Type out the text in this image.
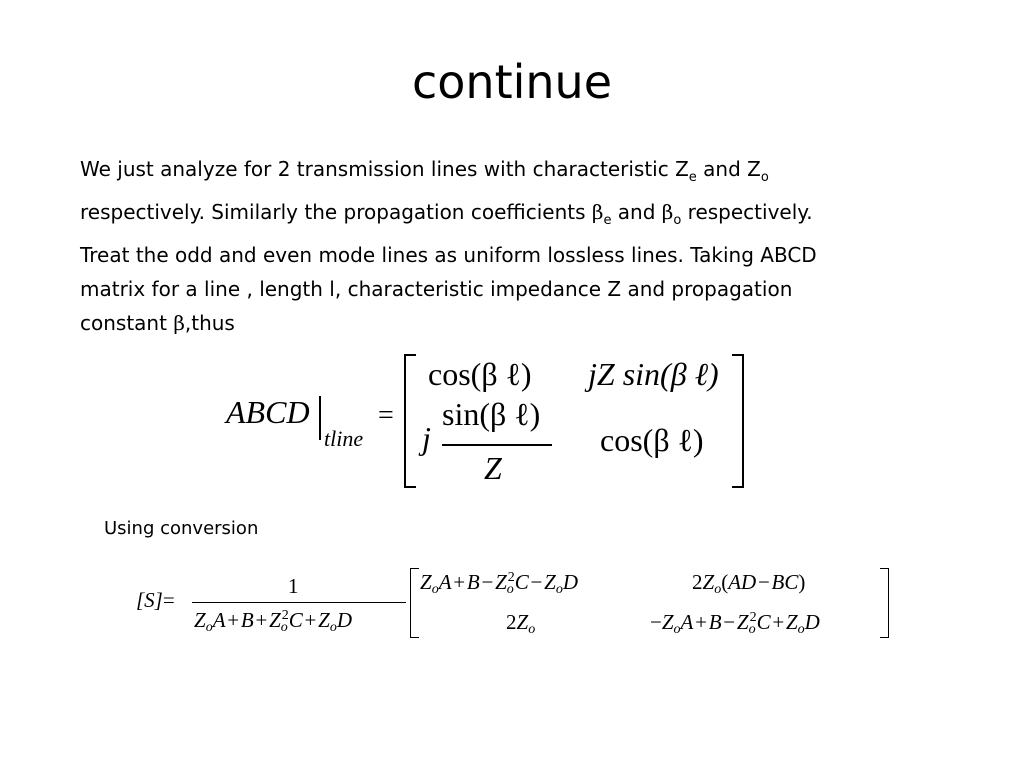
continue
We just analyze for 2 transmission lines with characteristic $Z_e$ and $Z_o$
respectively. Similarly the propagation coefficients $\beta_e$ and $\beta_o$ respectively.
Treat the odd and even mode lines as uniform lossless lines. Taking ABCD
matrix for a line , length l, characteristic impedance Z and propagation
constant β,thus
ABCD
tline
=
cos(β ℓ) jZ sin(β ℓ)
j
sin(β ℓ)
Z
cos(β ℓ)
Using conversion
[S]=
1
ZoA + B + $Zo^2C$ + ZoD
ZoA + B − $Zo^2C$ − ZoD	2Zo(AD − BC)
2Zo	−ZoA + B − $Zo^2C$ + ZoD
